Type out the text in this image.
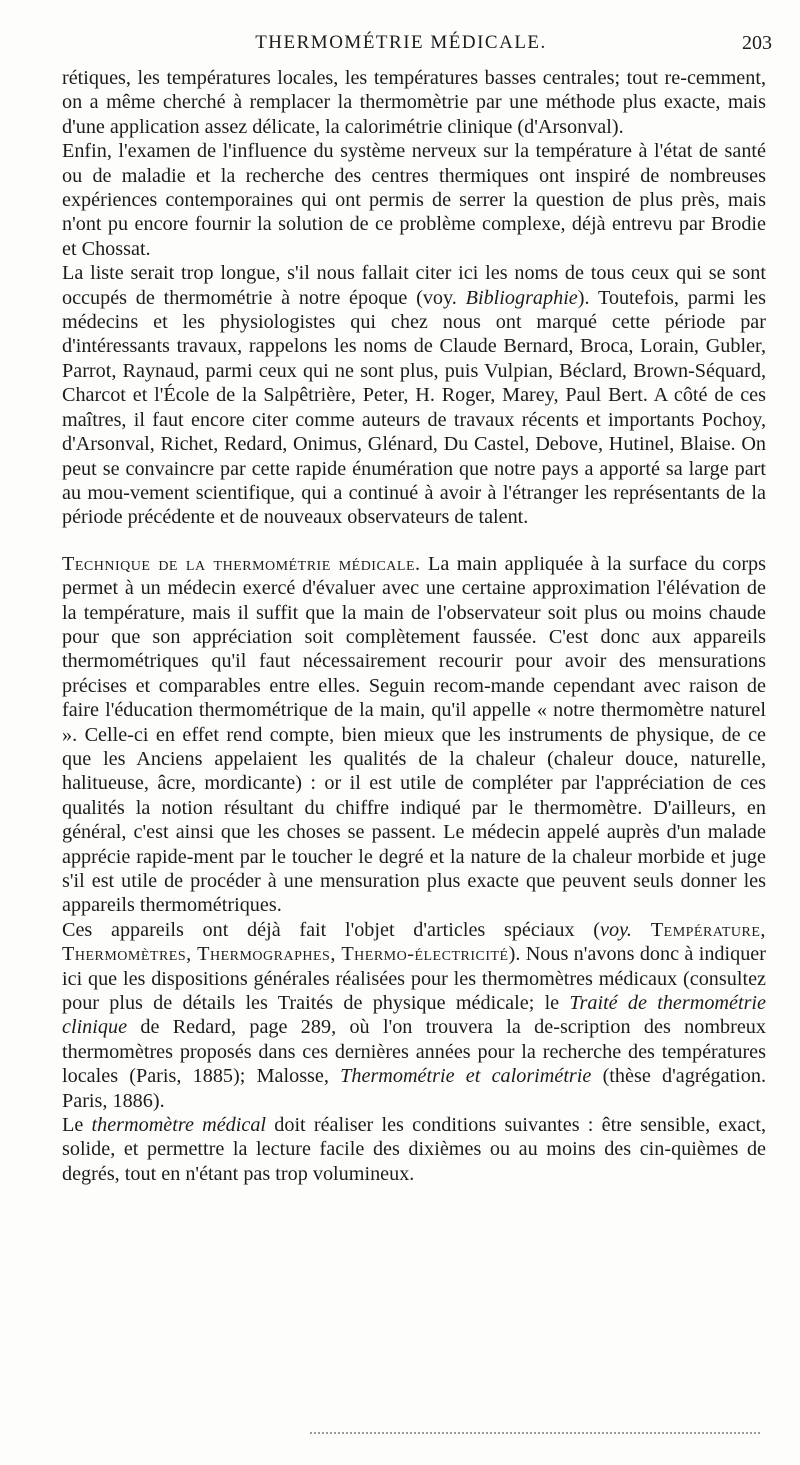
THERMOMÉTRIE MÉDICALE.	203

rétiques, les températures locales, les températures basses centrales; tout re-cemment, on a même cherché à remplacer la thermomètrie par une méthode plus exacte, mais d'une application assez délicate, la calorimétrie clinique (d'Arsonval).

Enfin, l'examen de l'influence du système nerveux sur la température à l'état de santé ou de maladie et la recherche des centres thermiques ont inspiré de nombreuses expériences contemporaines qui ont permis de serrer la question de plus près, mais n'ont pu encore fournir la solution de ce problème complexe, déjà entrevu par Brodie et Chossat.

La liste serait trop longue, s'il nous fallait citer ici les noms de tous ceux qui se sont occupés de thermométrie à notre époque (voy. Bibliographie). Toutefois, parmi les médecins et les physiologistes qui chez nous ont marqué cette période par d'intéressants travaux, rappelons les noms de Claude Bernard, Broca, Lorain, Gubler, Parrot, Raynaud, parmi ceux qui ne sont plus, puis Vulpian, Béclard, Brown-Séquard, Charcot et l'École de la Salpêtrière, Peter, H. Roger, Marey, Paul Bert. A côté de ces maîtres, il faut encore citer comme auteurs de travaux récents et importants Pochoy, d'Arsonval, Richet, Redard, Onimus, Glénard, Du Castel, Debove, Hutinel, Blaise. On peut se convaincre par cette rapide énumération que notre pays a apporté sa large part au mou-vement scientifique, qui a continué à avoir à l'étranger les représentants de la période précédente et de nouveaux observateurs de talent.

Technique de la thermométrie médicale. La main appliquée à la surface du corps permet à un médecin exercé d'évaluer avec une certaine approximation l'élévation de la température, mais il suffit que la main de l'observateur soit plus ou moins chaude pour que son appréciation soit complètement faussée. C'est donc aux appareils thermométriques qu'il faut nécessairement recourir pour avoir des mensurations précises et comparables entre elles. Seguin recom-mande cependant avec raison de faire l'éducation thermométrique de la main, qu'il appelle « notre thermomètre naturel ». Celle-ci en effet rend compte, bien mieux que les instruments de physique, de ce que les Anciens appelaient les qualités de la chaleur (chaleur douce, naturelle, halitueuse, âcre, mordicante) : or il est utile de compléter par l'appréciation de ces qualités la notion résultant du chiffre indiqué par le thermomètre. D'ailleurs, en général, c'est ainsi que les choses se passent. Le médecin appelé auprès d'un malade apprécie rapide-ment par le toucher le degré et la nature de la chaleur morbide et juge s'il est utile de procéder à une mensuration plus exacte que peuvent seuls donner les appareils thermométriques.

Ces appareils ont déjà fait l'objet d'articles spéciaux (voy. Température, Thermomètres, Thermographes, Thermo-électricité). Nous n'avons donc à indiquer ici que les dispositions générales réalisées pour les thermomètres médicaux (consultez pour plus de détails les Traités de physique médicale; le Traité de thermométrie clinique de Redard, page 289, où l'on trouvera la de-scription des nombreux thermomètres proposés dans ces dernières années pour la recherche des températures locales (Paris, 1885); Malosse, Thermométrie et calorimétrie (thèse d'agrégation. Paris, 1886).

Le thermomètre médical doit réaliser les conditions suivantes : être sensible, exact, solide, et permettre la lecture facile des dixièmes ou au moins des cin-quièmes de degrés, tout en n'étant pas trop volumineux.
